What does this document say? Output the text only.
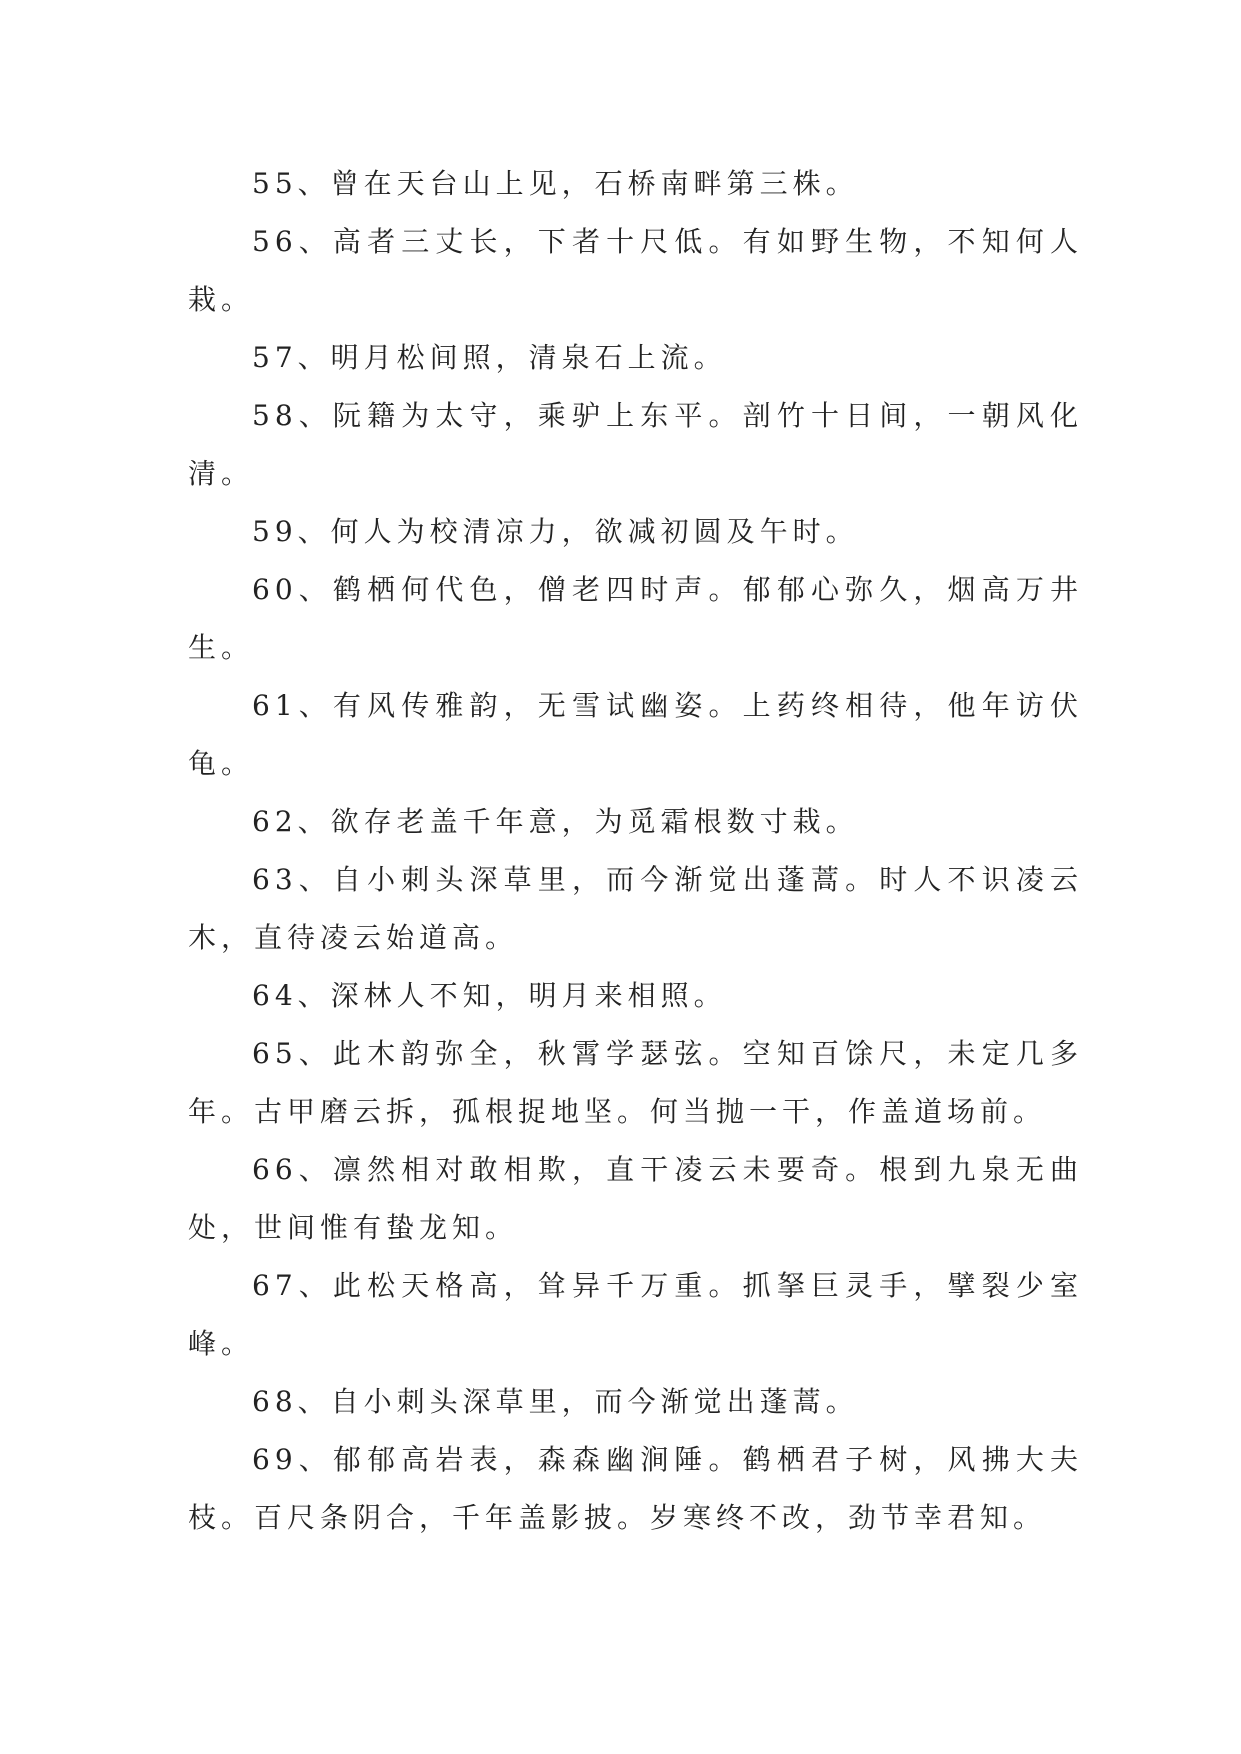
55、曾在天台山上见，石桥南畔第三株。

56、高者三丈长，下者十尺低。有如野生物，不知何人栽。

57、明月松间照，清泉石上流。

58、阮籍为太守，乘驴上东平。剖竹十日间，一朝风化清。

59、何人为校清凉力，欲减初圆及午时。

60、鹤栖何代色，僧老四时声。郁郁心弥久，烟高万井生。

61、有风传雅韵，无雪试幽姿。上药终相待，他年访伏龟。

62、欲存老盖千年意，为觅霜根数寸栽。

63、自小刺头深草里，而今渐觉出蓬蒿。时人不识凌云木，直待凌云始道高。

64、深林人不知，明月来相照。

65、此木韵弥全，秋霄学瑟弦。空知百馀尺，未定几多年。古甲磨云拆，孤根捉地坚。何当抛一干，作盖道场前。

66、凛然相对敢相欺，直干凌云未要奇。根到九泉无曲处，世间惟有蛰龙知。

67、此松天格高，耸异千万重。抓拏巨灵手，擘裂少室峰。

68、自小刺头深草里，而今渐觉出蓬蒿。

69、郁郁高岩表，森森幽涧陲。鹤栖君子树，风拂大夫枝。百尺条阴合，千年盖影披。岁寒终不改，劲节幸君知。
